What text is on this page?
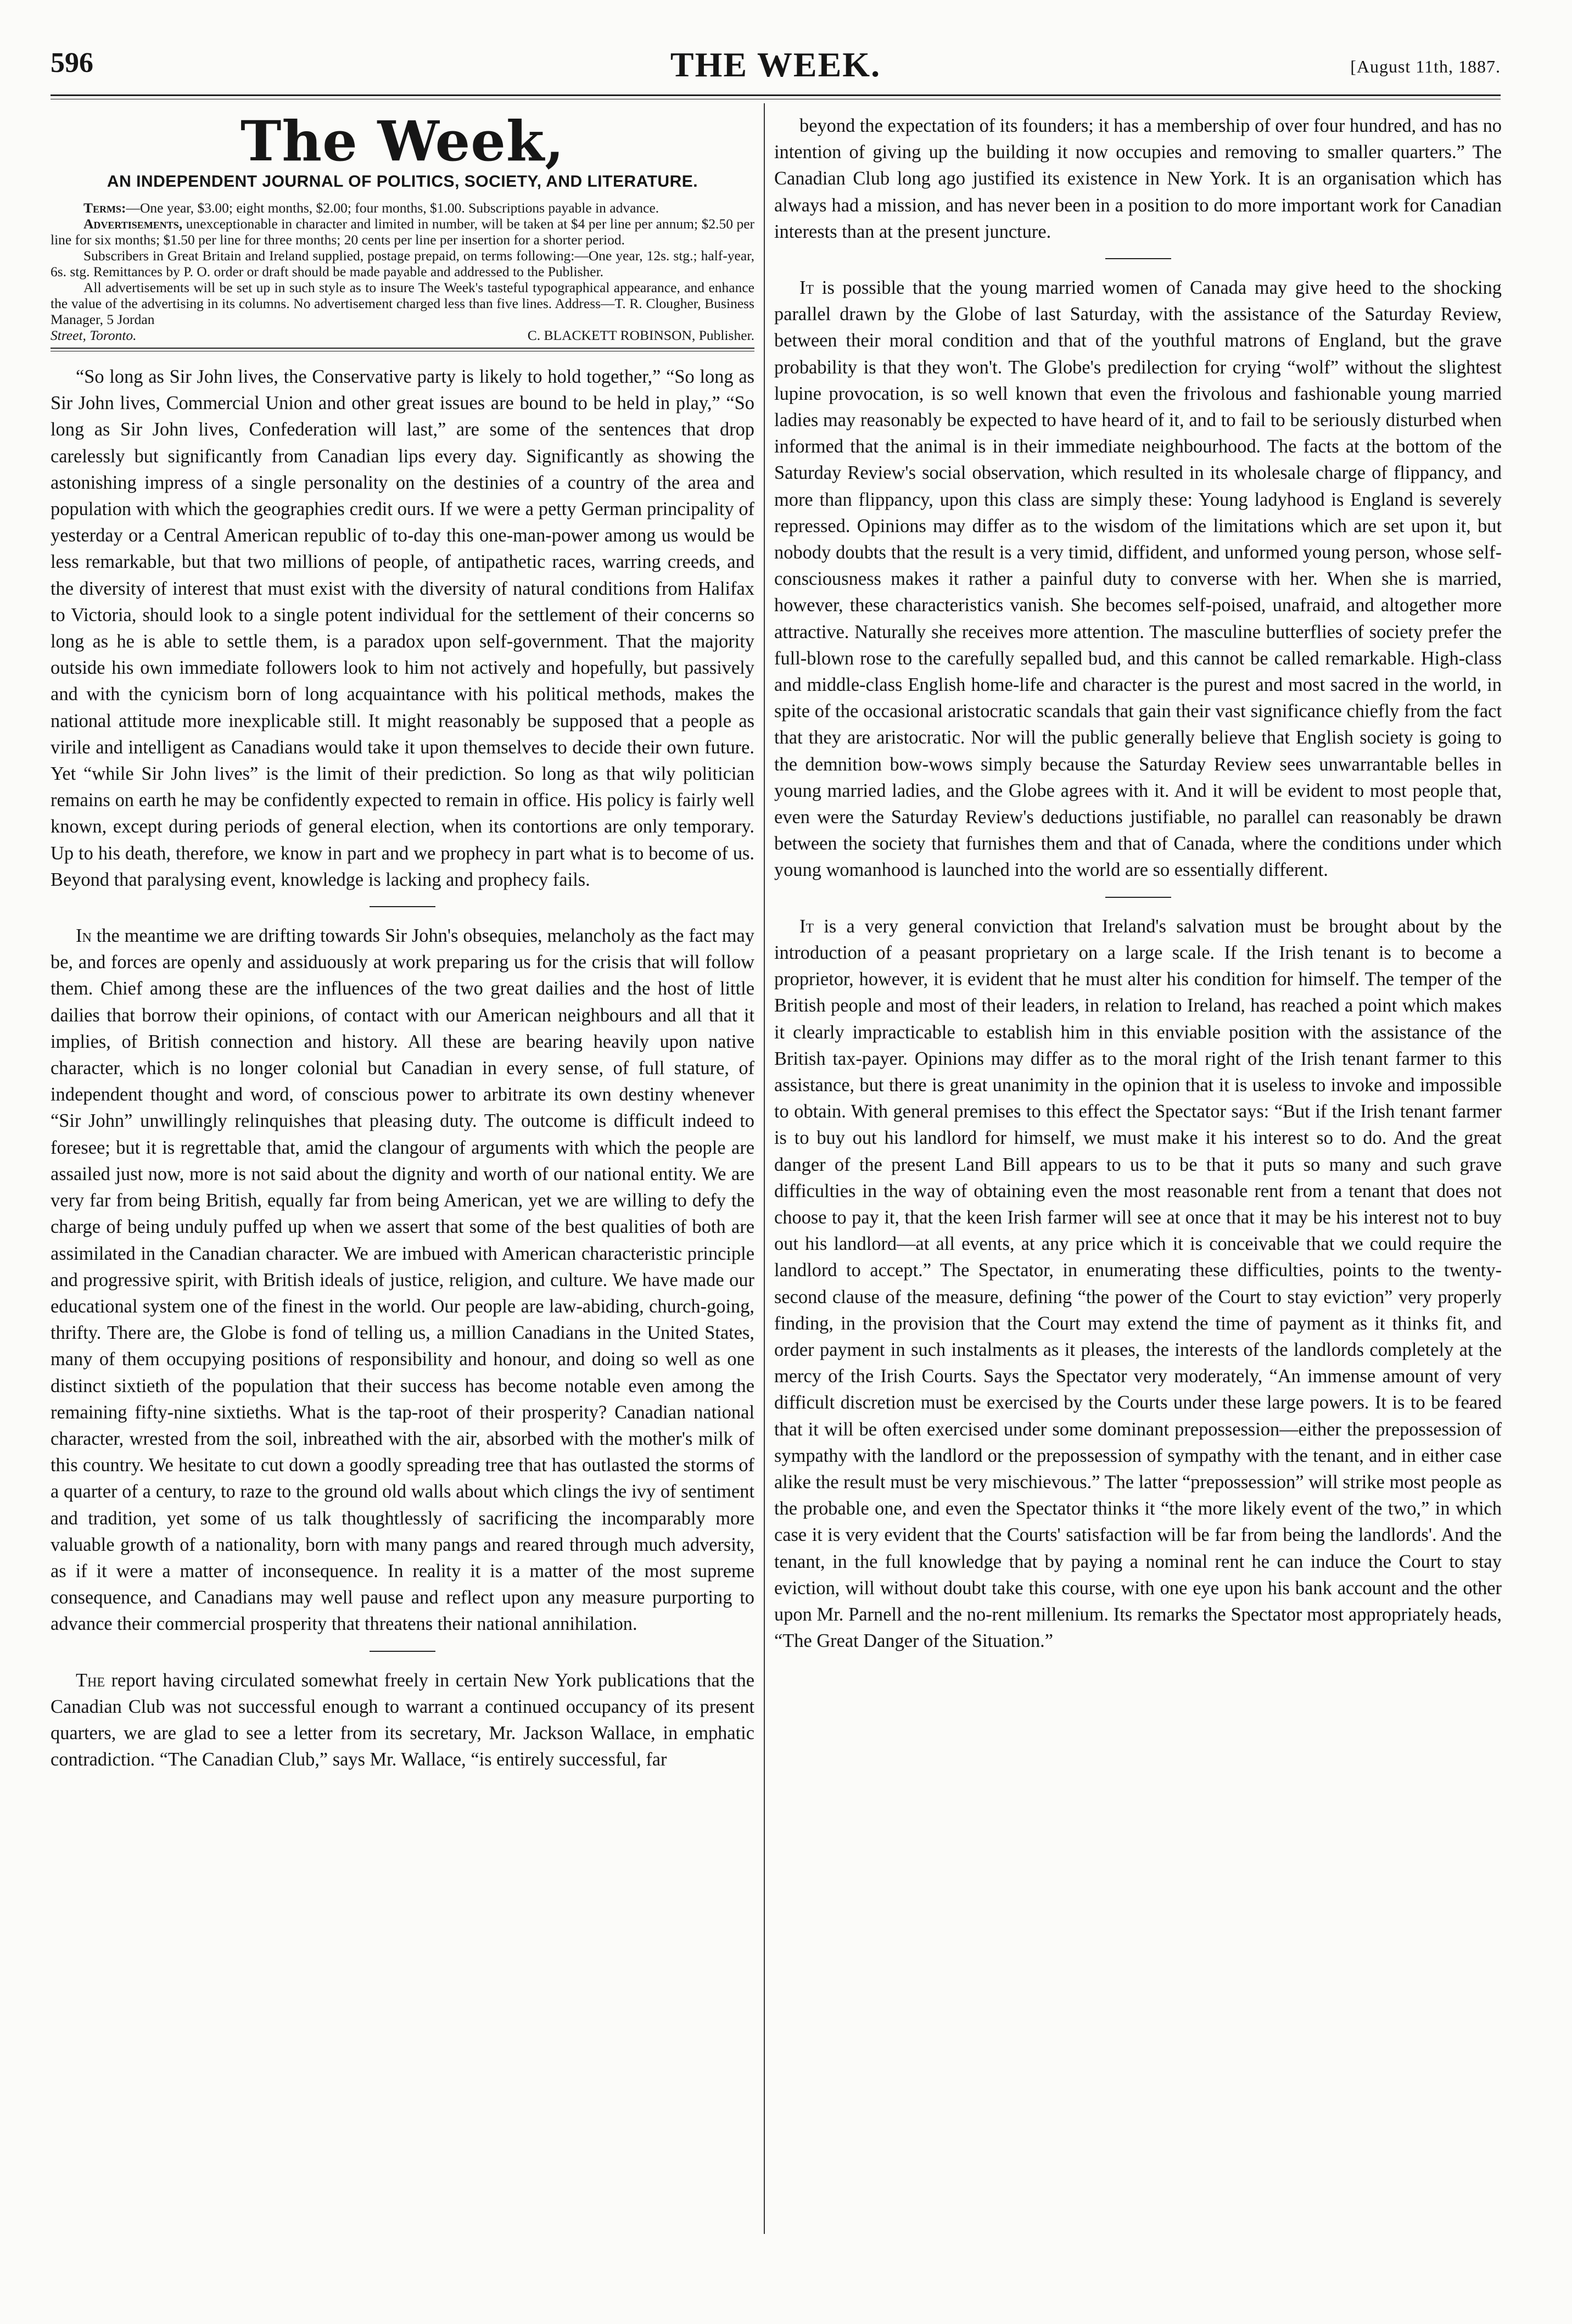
596	THE WEEK.	[August 11th, 1887.
The Week,
AN INDEPENDENT JOURNAL OF POLITICS, SOCIETY, AND LITERATURE.

Terms:—One year, $3.00; eight months, $2.00; four months, $1.00. Subscriptions payable in advance.

Advertisements, unexceptionable in character and limited in number, will be taken at $4 per line per annum; $2.50 per line for six months; $1.50 per line for three months; 20 cents per line per insertion for a shorter period.

Subscribers in Great Britain and Ireland supplied, postage prepaid, on terms following:—One year, 12s. stg.; half-year, 6s. stg. Remittances by P. O. order or draft should be made payable and addressed to the Publisher.

All advertisements will be set up in such style as to insure The Week's tasteful typographical appearance, and enhance the value of the advertising in its columns. No advertisement charged less than five lines. Address—T. R. Clougher, Business Manager, 5 Jordan

Street, Toronto.	C. BLACKETT ROBINSON, Publisher.

“So long as Sir John lives, the Conservative party is likely to hold together,” “So long as Sir John lives, Commercial Union and other great issues are bound to be held in play,” “So long as Sir John lives, Confederation will last,” are some of the sentences that drop carelessly but significantly from Canadian lips every day. Significantly as showing the astonishing impress of a single personality on the destinies of a country of the area and population with which the geographies credit ours. If we were a petty German principality of yesterday or a Central American republic of to-day this one-man-power among us would be less remarkable, but that two millions of people, of antipathetic races, warring creeds, and the diversity of interest that must exist with the diversity of natural conditions from Halifax to Victoria, should look to a single potent individual for the settlement of their concerns so long as he is able to settle them, is a paradox upon self-government. That the majority outside his own immediate followers look to him not actively and hopefully, but passively and with the cynicism born of long acquaintance with his political methods, makes the national attitude more inexplicable still. It might reasonably be supposed that a people as virile and intelligent as Canadians would take it upon themselves to decide their own future. Yet “while Sir John lives” is the limit of their prediction. So long as that wily politician remains on earth he may be confidently expected to remain in office. His policy is fairly well known, except during periods of general election, when its contortions are only temporary. Up to his death, therefore, we know in part and we prophecy in part what is to become of us. Beyond that paralysing event, knowledge is lacking and prophecy fails.

In the meantime we are drifting towards Sir John's obsequies, melancholy as the fact may be, and forces are openly and assiduously at work preparing us for the crisis that will follow them. Chief among these are the influences of the two great dailies and the host of little dailies that borrow their opinions, of contact with our American neighbours and all that it implies, of British connection and history. All these are bearing heavily upon native character, which is no longer colonial but Canadian in every sense, of full stature, of independent thought and word, of conscious power to arbitrate its own destiny whenever “Sir John” unwillingly relinquishes that pleasing duty. The outcome is difficult indeed to foresee; but it is regrettable that, amid the clangour of arguments with which the people are assailed just now, more is not said about the dignity and worth of our national entity. We are very far from being British, equally far from being American, yet we are willing to defy the charge of being unduly puffed up when we assert that some of the best qualities of both are assimilated in the Canadian character. We are imbued with American characteristic principle and progressive spirit, with British ideals of justice, religion, and culture. We have made our educational system one of the finest in the world. Our people are law-abiding, church-going, thrifty. There are, the Globe is fond of telling us, a million Canadians in the United States, many of them occupying positions of responsibility and honour, and doing so well as one distinct sixtieth of the population that their success has become notable even among the remaining fifty-nine sixtieths. What is the tap-root of their prosperity? Canadian national character, wrested from the soil, inbreathed with the air, absorbed with the mother's milk of this country. We hesitate to cut down a goodly spreading tree that has outlasted the storms of a quarter of a century, to raze to the ground old walls about which clings the ivy of sentiment and tradition, yet some of us talk thoughtlessly of sacrificing the incomparably more valuable growth of a nationality, born with many pangs and reared through much adversity, as if it were a matter of inconsequence. In reality it is a matter of the most supreme consequence, and Canadians may well pause and reflect upon any measure purporting to advance their commercial prosperity that threatens their national annihilation.

The report having circulated somewhat freely in certain New York publications that the Canadian Club was not successful enough to warrant a continued occupancy of its present quarters, we are glad to see a letter from its secretary, Mr. Jackson Wallace, in emphatic contradiction. “The Canadian Club,” says Mr. Wallace, “is entirely successful, far

beyond the expectation of its founders; it has a membership of over four hundred, and has no intention of giving up the building it now occupies and removing to smaller quarters.” The Canadian Club long ago justified its existence in New York. It is an organisation which has always had a mission, and has never been in a position to do more important work for Canadian interests than at the present juncture.

It is possible that the young married women of Canada may give heed to the shocking parallel drawn by the Globe of last Saturday, with the assistance of the Saturday Review, between their moral condition and that of the youthful matrons of England, but the grave probability is that they won't. The Globe's predilection for crying “wolf” without the slightest lupine provocation, is so well known that even the frivolous and fashionable young married ladies may reasonably be expected to have heard of it, and to fail to be seriously disturbed when informed that the animal is in their immediate neighbourhood. The facts at the bottom of the Saturday Review's social observation, which resulted in its wholesale charge of flippancy, and more than flippancy, upon this class are simply these: Young ladyhood is England is severely repressed. Opinions may differ as to the wisdom of the limitations which are set upon it, but nobody doubts that the result is a very timid, diffident, and unformed young person, whose self-consciousness makes it rather a painful duty to converse with her. When she is married, however, these characteristics vanish. She becomes self-poised, unafraid, and altogether more attractive. Naturally she receives more attention. The masculine butterflies of society prefer the full-blown rose to the carefully sepalled bud, and this cannot be called remarkable. High-class and middle-class English home-life and character is the purest and most sacred in the world, in spite of the occasional aristocratic scandals that gain their vast significance chiefly from the fact that they are aristocratic. Nor will the public generally believe that English society is going to the demnition bow-wows simply because the Saturday Review sees unwarrantable belles in young married ladies, and the Globe agrees with it. And it will be evident to most people that, even were the Saturday Review's deductions justifiable, no parallel can reasonably be drawn between the society that furnishes them and that of Canada, where the conditions under which young womanhood is launched into the world are so essentially different.

It is a very general conviction that Ireland's salvation must be brought about by the introduction of a peasant proprietary on a large scale. If the Irish tenant is to become a proprietor, however, it is evident that he must alter his condition for himself. The temper of the British people and most of their leaders, in relation to Ireland, has reached a point which makes it clearly impracticable to establish him in this enviable position with the assistance of the British tax-payer. Opinions may differ as to the moral right of the Irish tenant farmer to this assistance, but there is great unanimity in the opinion that it is useless to invoke and impossible to obtain. With general premises to this effect the Spectator says: “But if the Irish tenant farmer is to buy out his landlord for himself, we must make it his interest so to do. And the great danger of the present Land Bill appears to us to be that it puts so many and such grave difficulties in the way of obtaining even the most reasonable rent from a tenant that does not choose to pay it, that the keen Irish farmer will see at once that it may be his interest not to buy out his landlord—at all events, at any price which it is conceivable that we could require the landlord to accept.” The Spectator, in enumerating these difficulties, points to the twenty-second clause of the measure, defining “the power of the Court to stay eviction” very properly finding, in the provision that the Court may extend the time of payment as it thinks fit, and order payment in such instalments as it pleases, the interests of the landlords completely at the mercy of the Irish Courts. Says the Spectator very moderately, “An immense amount of very difficult discretion must be exercised by the Courts under these large powers. It is to be feared that it will be often exercised under some dominant prepossession—either the prepossession of sympathy with the landlord or the prepossession of sympathy with the tenant, and in either case alike the result must be very mischievous.” The latter “prepossession” will strike most people as the probable one, and even the Spectator thinks it “the more likely event of the two,” in which case it is very evident that the Courts' satisfaction will be far from being the landlords'. And the tenant, in the full knowledge that by paying a nominal rent he can induce the Court to stay eviction, will without doubt take this course, with one eye upon his bank account and the other upon Mr. Parnell and the no-rent millenium. Its remarks the Spectator most appropriately heads, “The Great Danger of the Situation.”
